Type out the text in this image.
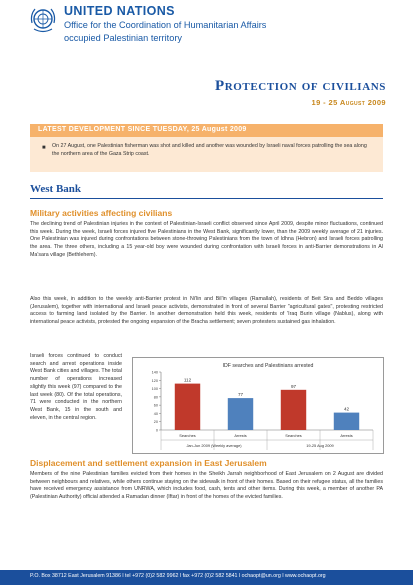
UNITED NATIONS
Office for the Coordination of Humanitarian Affairs
occupied Palestinian territory
Protection of civilians
19 - 25 August 2009
LATEST DEVELOPMENT SINCE TUESDAY, 25 August 2009
■ On 27 August, one Palestinian fisherman was shot and killed and another was wounded by Israeli naval forces patrolling the sea along the northern area of the Gaza Strip coast.
West Bank
Military activities affecting civilians
The declining trend of Palestinian injuries in the context of Palestinian-Israeli conflict observed since April 2009, despite minor fluctuations, continued this week. During the week, Israeli forces injured five Palestinians in the West Bank, significantly lower, than the 2009 weekly average of 21 injuries. One Palestinian was injured during confrontations between stone-throwing Palestinians from the town of Idhna (Hebron) and Israeli forces patrolling the area. The three others, including a 15 year-old boy were wounded during confrontation with Israeli forces in anti-Barrier demonstrations in Al Ma'sara village (Bethlehem).
Also this week, in addition to the weekly anti-Barrier protest in Ni'lin and Bil'in villages (Ramallah), residents of Beit Sira and Beddo villages (Jerusalem), together with international and Israeli peace activists, demonstrated in front of several Barrier "agricultural gates", protesting restricted access to farming land isolated by the Barrier. In another demonstration held this week, residents of 'Iraq Burin village (Nablus), along with international peace activists, protested the ongoing expansion of the Bracha settlement; seven protesters sustained gas inhalation.
Israeli forces continued to conduct search and arrest operations inside West Bank cities and villages. The total number of operations increased slightly this week (97) compared to the last week (80). Of the total operations, 71 were conducted in the northern West Bank, 15 in the south and eleven, in the central region.
IDF searches and Palestinians arrested
0
20
40
60
80
100
120
140
112
77
97
42
Searches	Arrests	Searches	Arrests
Jan-Jun 2009 (Weekly average)	19-25 Aug 2009
Displacement and settlement expansion in East Jerusalem
Members of the nine Palestinian families evicted from their homes in the Sheikh Jarrah neighborhood of East Jerusalem on 2 August are divided between neighbours and relatives, while others continue staying on the sidewalk in front of their homes. Based on their refugee status, all the families have received emergency assistance from UNRWA, which includes food, cash, tents and other items. During this week, a member of another PA (Palestinian Authority) official attended a Ramadan dinner (Iftar) in front of the homes of the evicted families.
P.O. Box 38712 East Jerusalem 91386 l tel +972 (0)2 582 9962 l fax +972 (0)2 582 5841 l ochaopt@un.org l www.ochaopt.org
